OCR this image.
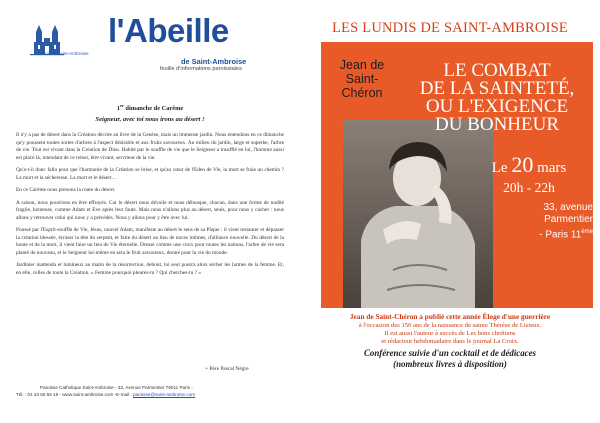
Paroisse Saint-Ambroise
l'Abeille
de Saint-Ambroise
feuille d'informations paroissiales
1er dimanche de Carême
Seigneur, avec toi nous irons au désert !

Il n'y a pas de désert dans la Création décrite au livre de la Genèse, mais un immense jardin. Nous entendons en ce dimanche qu'y poussent toutes sortes d'arbres à l'aspect désirable et aux fruits savoureux. Au milieu du jardin, large et superbe, l'arbre de vie. Tout est vivant dans la Création de Dieu. Habité par le souffle de vie que le Seigneur a insufflé en lui, l'homme aussi est placé là, intendant de ce trésor, être vivant, serviteur de la vie.

Qu'a-t-il donc fallu pour que l'harmonie de la Création se brise, et qu'au cœur de l'Eden de Vie, la mort se fraie un chemin ? La mort et la sécheresse. La mort et le désert…

En ce Carême nous prenons la route du désert.

A raison, nous pourrions en être effrayés. Car le désert nous dévoile et nous débusque, chacun, dans une forme de nudité fragile, honteuse, comme Adam et Eve après leur faute. Mais nous n'allons plus au désert, seuls, pour nous y cacher : nous allons y retrouver celui qui nous y a précédés. Nous y allons pour y être avec lui.

Poussé par l'Esprit-souffle de Vie, Jésus, nouvel Adam, manifeste au désert le sens de sa Pâque : il vient restaurer et dépasser la création blessée, écraser la tête du serpent, et faire du désert un lieu de noces intimes, d'alliance nouvelle. Du désert de la honte et de la mort, il vient faire un lieu de Vie éternelle. Dressé comme une croix pour toutes les nations, l'arbre de vie sera planté de nouveau, et le Seigneur lui-même en sera le fruit savoureux, donné pour la vie du monde.

Jardinier inattendu et lumineux au matin de la résurrection, debout, lui seul pourra alors sécher les larmes de la femme. Et, en elle, celles de toute la Création. « Femme pourquoi pleures-tu ? Qui cherches-tu ? »

+ Père Pascal Nègre
Paroisse Catholique Saint-Ambroise - 33, Avenue Parmentier 75011 Paris -
Tél. : 01 43 55 56 18 - www.saint-ambroise.com -E-mail : paroisse@saint-ambroise.com
LES LUNDIS DE SAINT-AMBROISE
Jean de
Saint-Chéron
LE COMBAT
DE LA SAINTETÉ,
OU L'EXIGENCE
DU BONHEUR
Le 20 mars
20h - 22h
33, avenue
Parmentier
- Paris 11ème
Jean de Saint-Chéron a publié cette année Éloge d'une guerrière
à l'occasion des 150 ans de la naissance de sainte Thérèse de Lisieux.
Il est aussi l'auteur à succès de Les bons chrétiens
et rédacteur hebdomadaire dans le journal La Croix.
Conférence suivie d'un cocktail et de dédicaces
(nombreux livres à disposition)
